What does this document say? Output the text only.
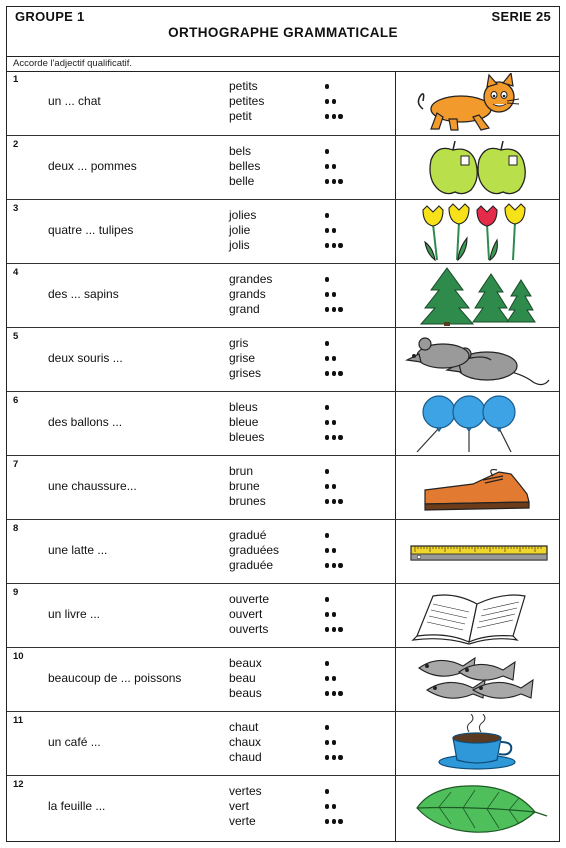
GROUPE 1	SERIE 25
ORTHOGRAPHE GRAMMATICALE
Accorde l'adjectif qualificatif.
1
un ... chat
petits
petites
petit
2
deux ... pommes
bels
belles
belle
3
quatre ... tulipes
jolies
jolie
jolis
4
des ... sapins
grandes
grands
grand
5
deux souris ...
gris
grise
grises
6
des ballons ...
bleus
bleue
bleues
7
une chaussure...
brun
brune
brunes
8
une latte ...
gradué
graduées
graduée
9
un livre ...
ouverte
ouvert
ouverts
10
beaucoup de ... poissons
beaux
beau
beaus
11
un café ...
chaut
chaux
chaud
12
la feuille ...
vertes
vert
verte
